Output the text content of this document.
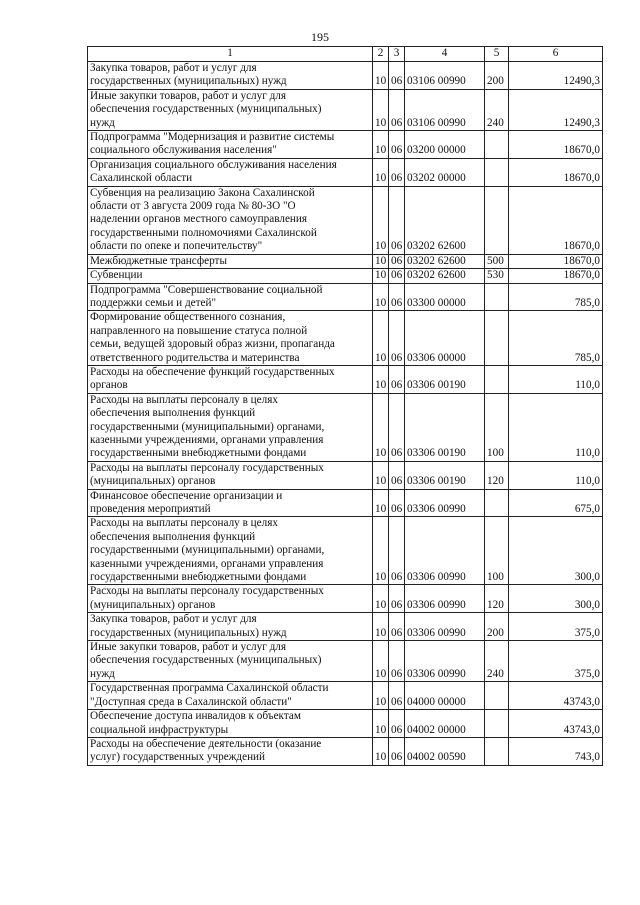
195
1	2	3	4	5	6
Закупка товаров, работ и услуг для
государственных (муниципальных) нужд	10	06	03106 00990	200	12490,3
Иные закупки товаров, работ и услуг для
обеспечения государственных (муниципальных)
нужд	10	06	03106 00990	240	12490,3
Подпрограмма "Модернизация и развитие системы
социального обслуживания населения"	10	06	03200 00000		18670,0
Организация социального обслуживания населения
Сахалинской области	10	06	03202 00000		18670,0
Субвенция на реализацию Закона Сахалинской
области от 3 августа 2009 года № 80-ЗО "О
наделении органов местного самоуправления
государственными полномочиями Сахалинской
области по опеке и попечительству"	10	06	03202 62600		18670,0
Межбюджетные трансферты	10	06	03202 62600	500	18670,0
Субвенции	10	06	03202 62600	530	18670,0
Подпрограмма "Совершенствование социальной
поддержки семьи и детей"	10	06	03300 00000		785,0
Формирование общественного сознания,
направленного на повышение статуса полной
семьи, ведущей здоровый образ жизни, пропаганда
ответственного родительства и материнства	10	06	03306 00000		785,0
Расходы на обеспечение функций государственных
органов	10	06	03306 00190		110,0
Расходы на выплаты персоналу в целях
обеспечения выполнения функций
государственными (муниципальными) органами,
казенными учреждениями, органами управления
государственными внебюджетными фондами	10	06	03306 00190	100	110,0
Расходы на выплаты персоналу государственных
(муниципальных) органов	10	06	03306 00190	120	110,0
Финансовое обеспечение организации и
проведения мероприятий	10	06	03306 00990		675,0
Расходы на выплаты персоналу в целях
обеспечения выполнения функций
государственными (муниципальными) органами,
казенными учреждениями, органами управления
государственными внебюджетными фондами	10	06	03306 00990	100	300,0
Расходы на выплаты персоналу государственных
(муниципальных) органов	10	06	03306 00990	120	300,0
Закупка товаров, работ и услуг для
государственных (муниципальных) нужд	10	06	03306 00990	200	375,0
Иные закупки товаров, работ и услуг для
обеспечения государственных (муниципальных)
нужд	10	06	03306 00990	240	375,0
Государственная программа Сахалинской области
"Доступная среда в Сахалинской области"	10	06	04000 00000		43743,0
Обеспечение доступа инвалидов к объектам
социальной инфраструктуры	10	06	04002 00000		43743,0
Расходы на обеспечение деятельности (оказание
услуг) государственных учреждений	10	06	04002 00590		743,0
